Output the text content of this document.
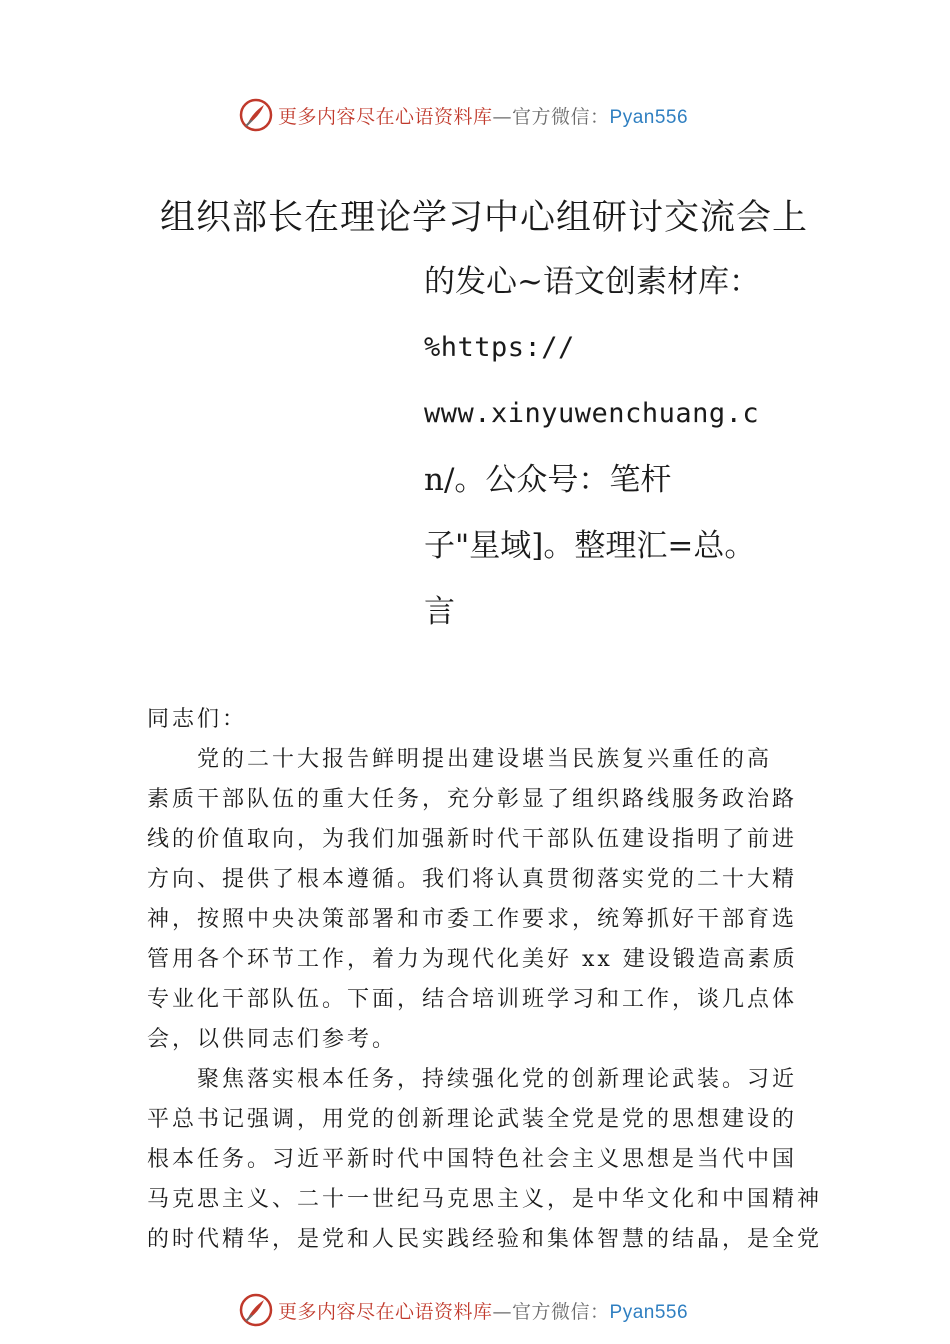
更多内容尽在心语资料库—官方微信：Pyan556
组织部长在理论学习中心组研讨交流会上
的发心~语文创素材库：
%https://
www.xinyuwenchuang.c
n/。公众号：笔杆
子"星域]。整理汇=总。
言
同志们：
党的二十大报告鲜明提出建设堪当民族复兴重任的高
素质干部队伍的重大任务，充分彰显了组织路线服务政治路
线的价值取向，为我们加强新时代干部队伍建设指明了前进
方向、提供了根本遵循。我们将认真贯彻落实党的二十大精
神，按照中央决策部署和市委工作要求，统筹抓好干部育选
管用各个环节工作，着力为现代化美好 xx 建设锻造高素质
专业化干部队伍。下面，结合培训班学习和工作，谈几点体
会，以供同志们参考。
聚焦落实根本任务，持续强化党的创新理论武装。习近
平总书记强调，用党的创新理论武装全党是党的思想建设的
根本任务。习近平新时代中国特色社会主义思想是当代中国
马克思主义、二十一世纪马克思主义，是中华文化和中国精神
的时代精华，是党和人民实践经验和集体智慧的结晶，是全党
更多内容尽在心语资料库—官方微信：Pyan556
